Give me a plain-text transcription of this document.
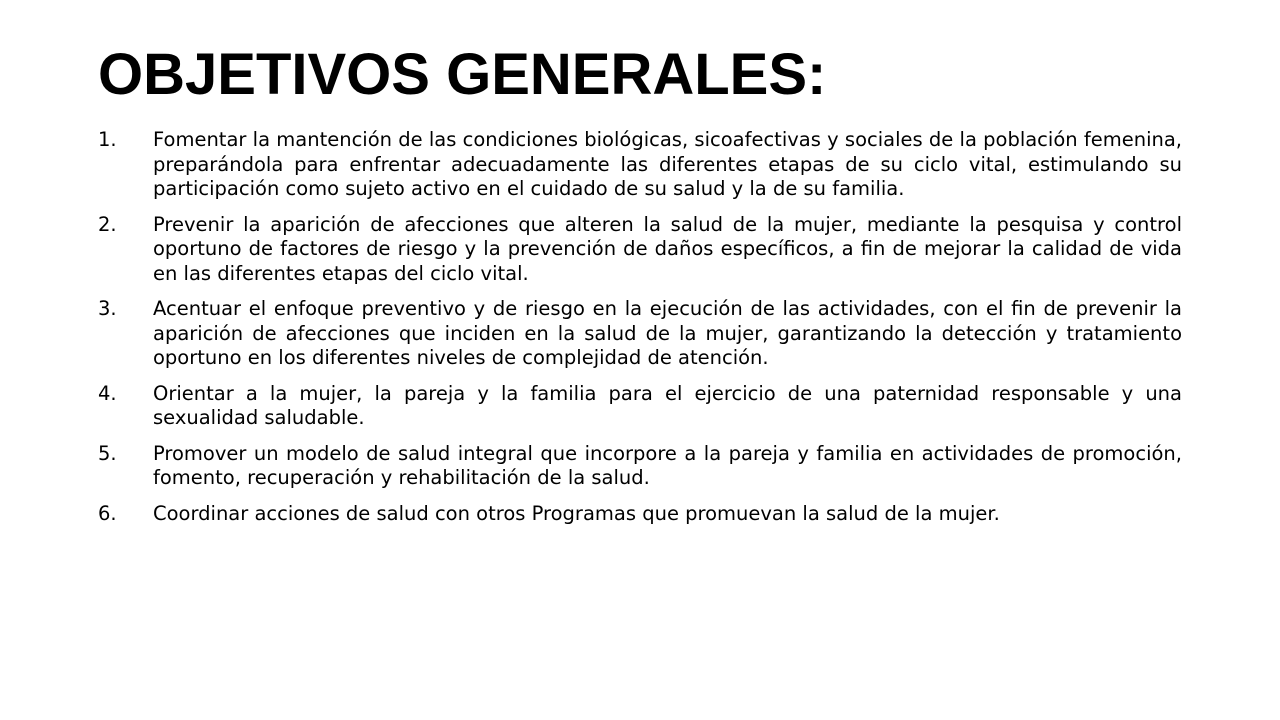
OBJETIVOS GENERALES:
1.	Fomentar la mantención de las condiciones biológicas, sicoafectivas y sociales de la población femenina, preparándola para enfrentar adecuadamente las diferentes etapas de su ciclo vital, estimulando su participación como sujeto activo en el cuidado de su salud y la de su familia.
2.	Prevenir la aparición de afecciones que alteren la salud de la mujer, mediante la pesquisa y control oportuno de factores de riesgo y la prevención de daños específicos, a fin de mejorar la calidad de vida en las diferentes etapas del ciclo vital.
3.	Acentuar el enfoque preventivo y de riesgo en la ejecución de las actividades, con el fin de prevenir la aparición de afecciones que inciden en la salud de la mujer, garantizando la detección y tratamiento oportuno en los diferentes niveles de complejidad de atención.
4.	Orientar a la mujer, la pareja y la familia para el ejercicio de una paternidad responsable y una sexualidad saludable.
5.	Promover un modelo de salud integral que incorpore a la pareja y familia en actividades de promoción, fomento, recuperación y rehabilitación de la salud.
6.	Coordinar acciones de salud con otros Programas que promuevan la salud de la mujer.
